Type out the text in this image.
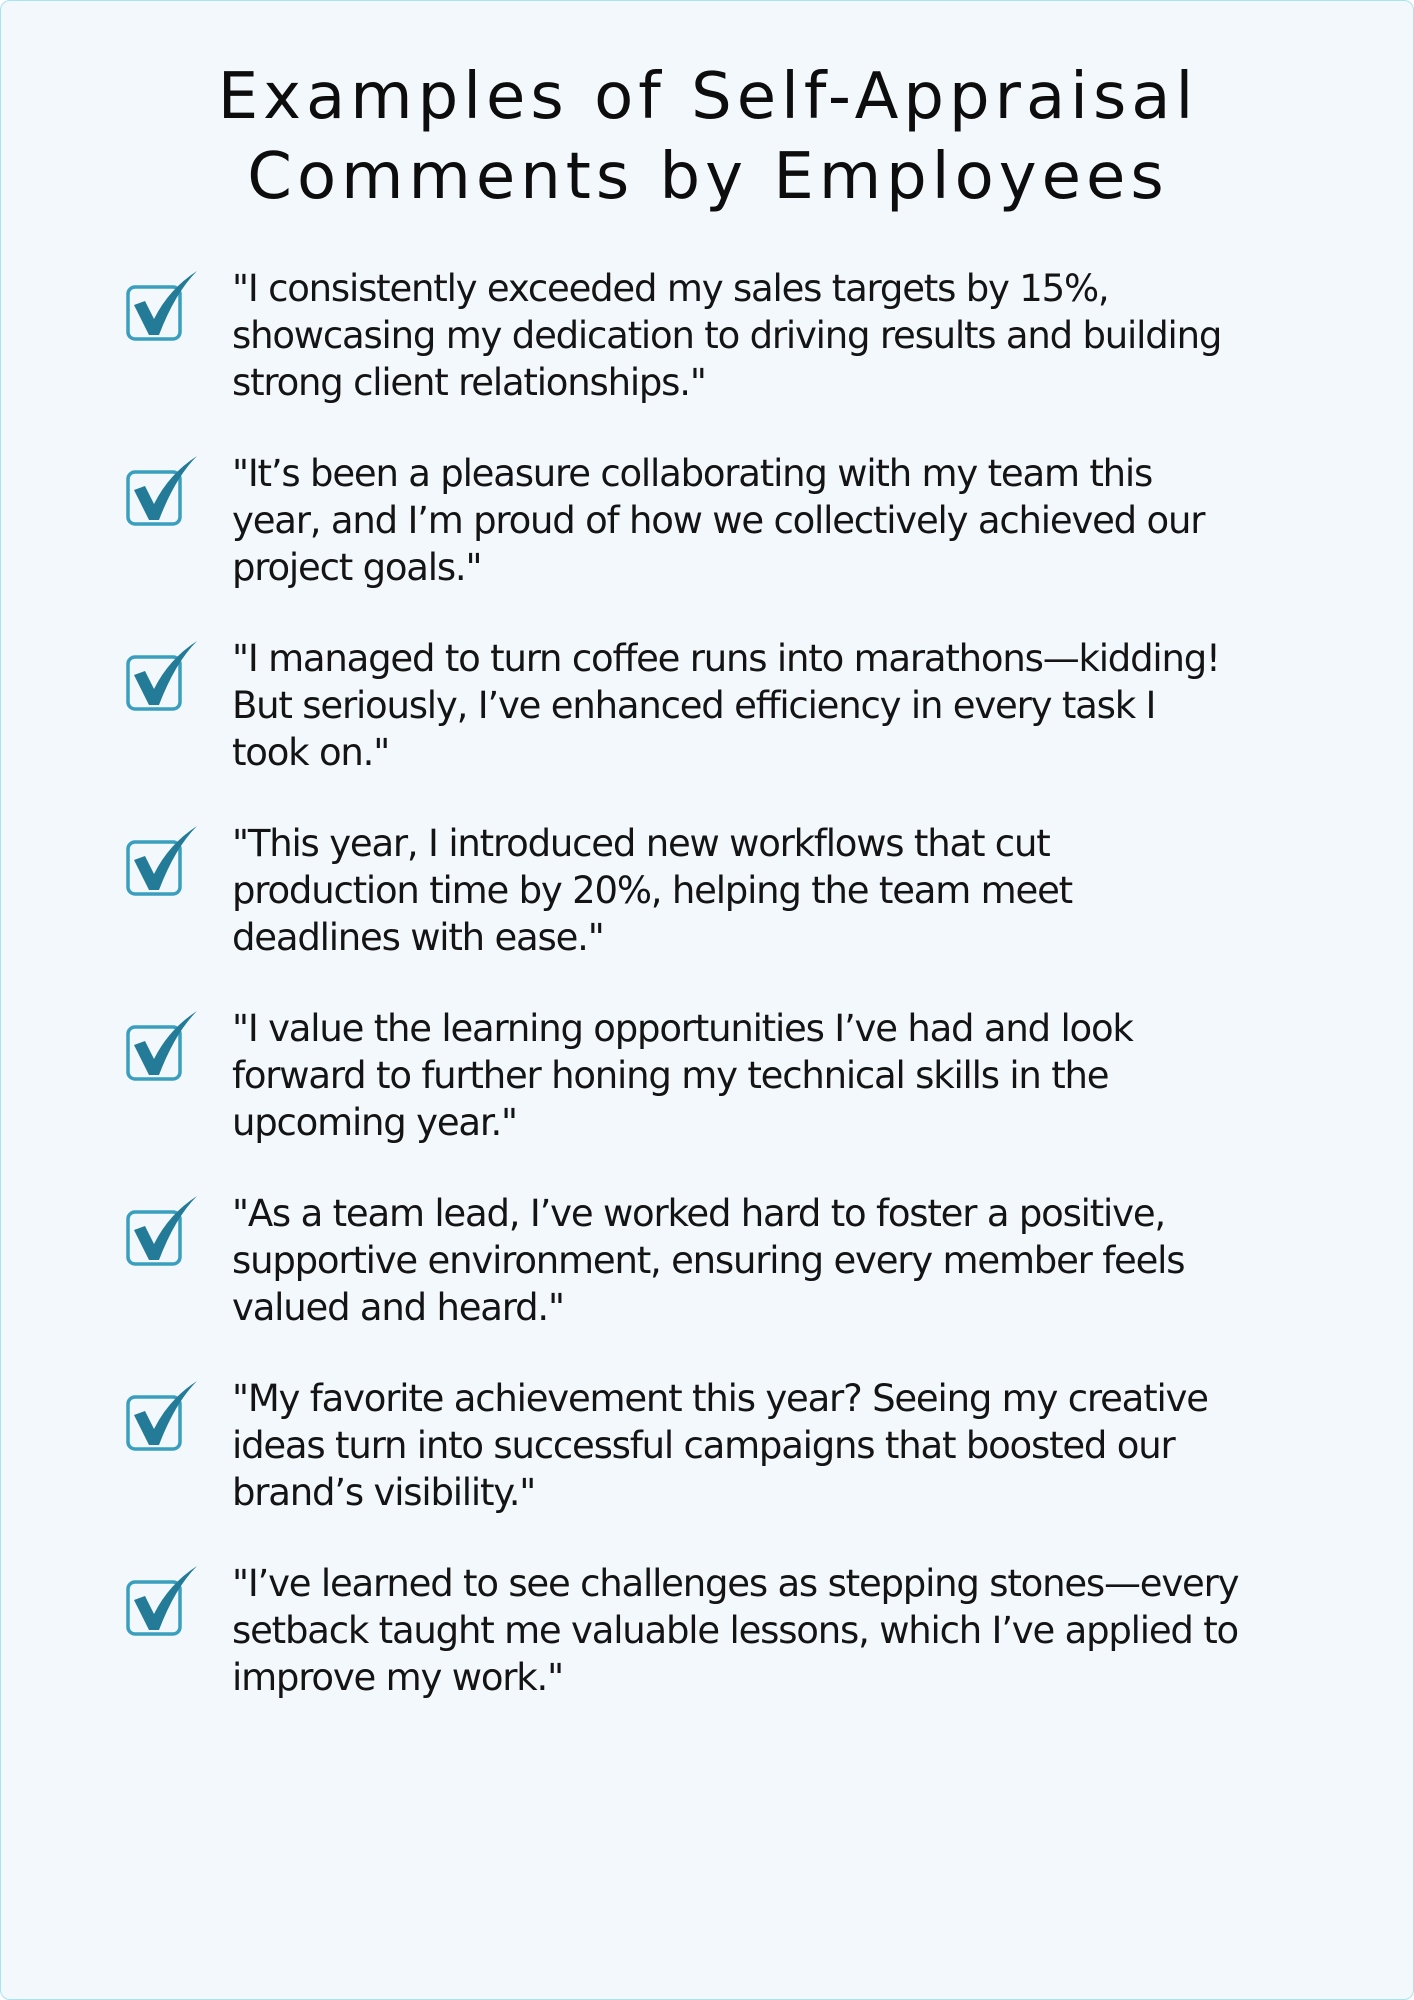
Examples of Self-Appraisal
Comments by Employees

"I consistently exceeded my sales targets by 15%,
showcasing my dedication to driving results and building
strong client relationships."

"It’s been a pleasure collaborating with my team this
year, and I’m proud of how we collectively achieved our
project goals."

"I managed to turn coffee runs into marathons—kidding!
But seriously, I’ve enhanced efficiency in every task I
took on."

"This year, I introduced new workflows that cut
production time by 20%, helping the team meet
deadlines with ease."

"I value the learning opportunities I’ve had and look
forward to further honing my technical skills in the
upcoming year."

"As a team lead, I’ve worked hard to foster a positive,
supportive environment, ensuring every member feels
valued and heard."

"My favorite achievement this year? Seeing my creative
ideas turn into successful campaigns that boosted our
brand’s visibility."

"I’ve learned to see challenges as stepping stones—every
setback taught me valuable lessons, which I’ve applied to
improve my work."
